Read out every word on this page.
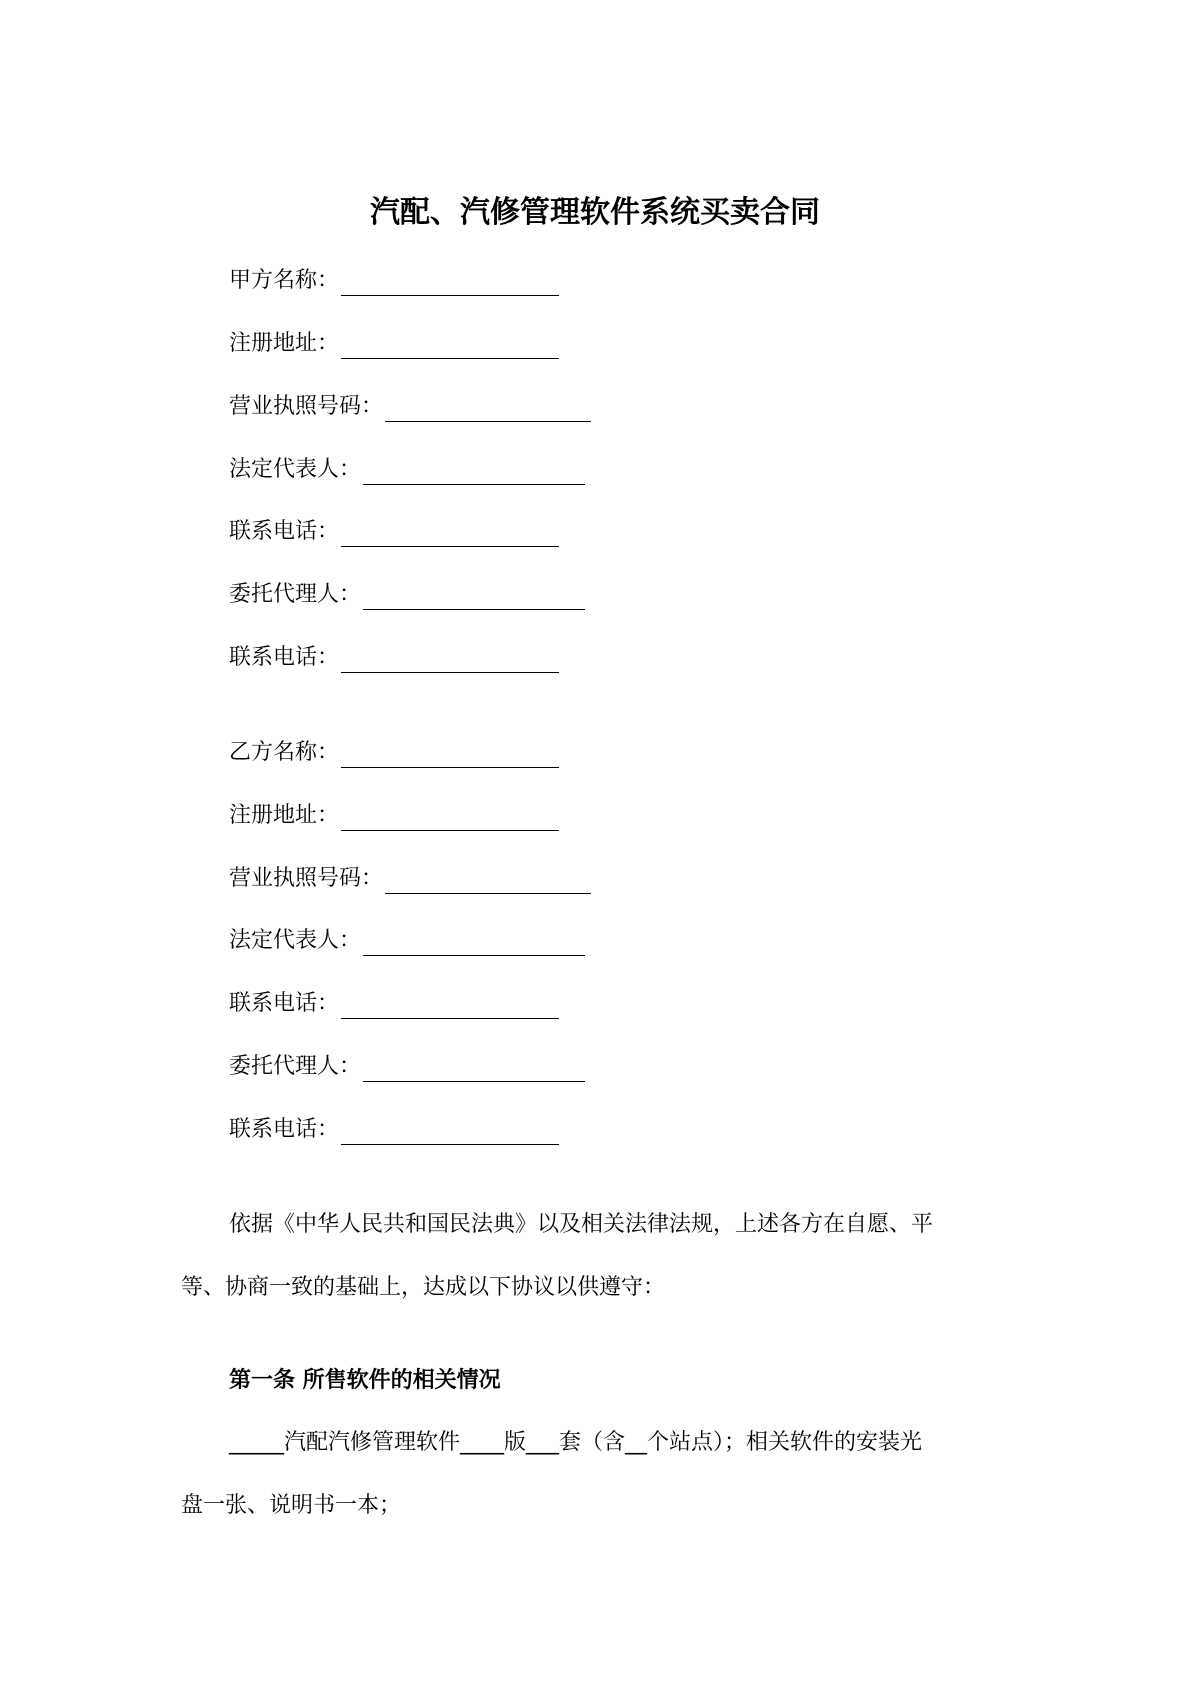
汽配、汽修管理软件系统买卖合同
甲方名称：
注册地址：
营业执照号码：
法定代表人：
联系电话：
委托代理人：
联系电话：
乙方名称：
注册地址：
营业执照号码：
法定代表人：
联系电话：
委托代理人：
联系电话：
依据《中华人民共和国民法典》以及相关法律法规，上述各方在自愿、平
等、协商一致的基础上，达成以下协议以供遵守：
第一条 所售软件的相关情况
_____汽配汽修管理软件____版___套（含__个站点）；相关软件的安装光
盘一张、说明书一本；
